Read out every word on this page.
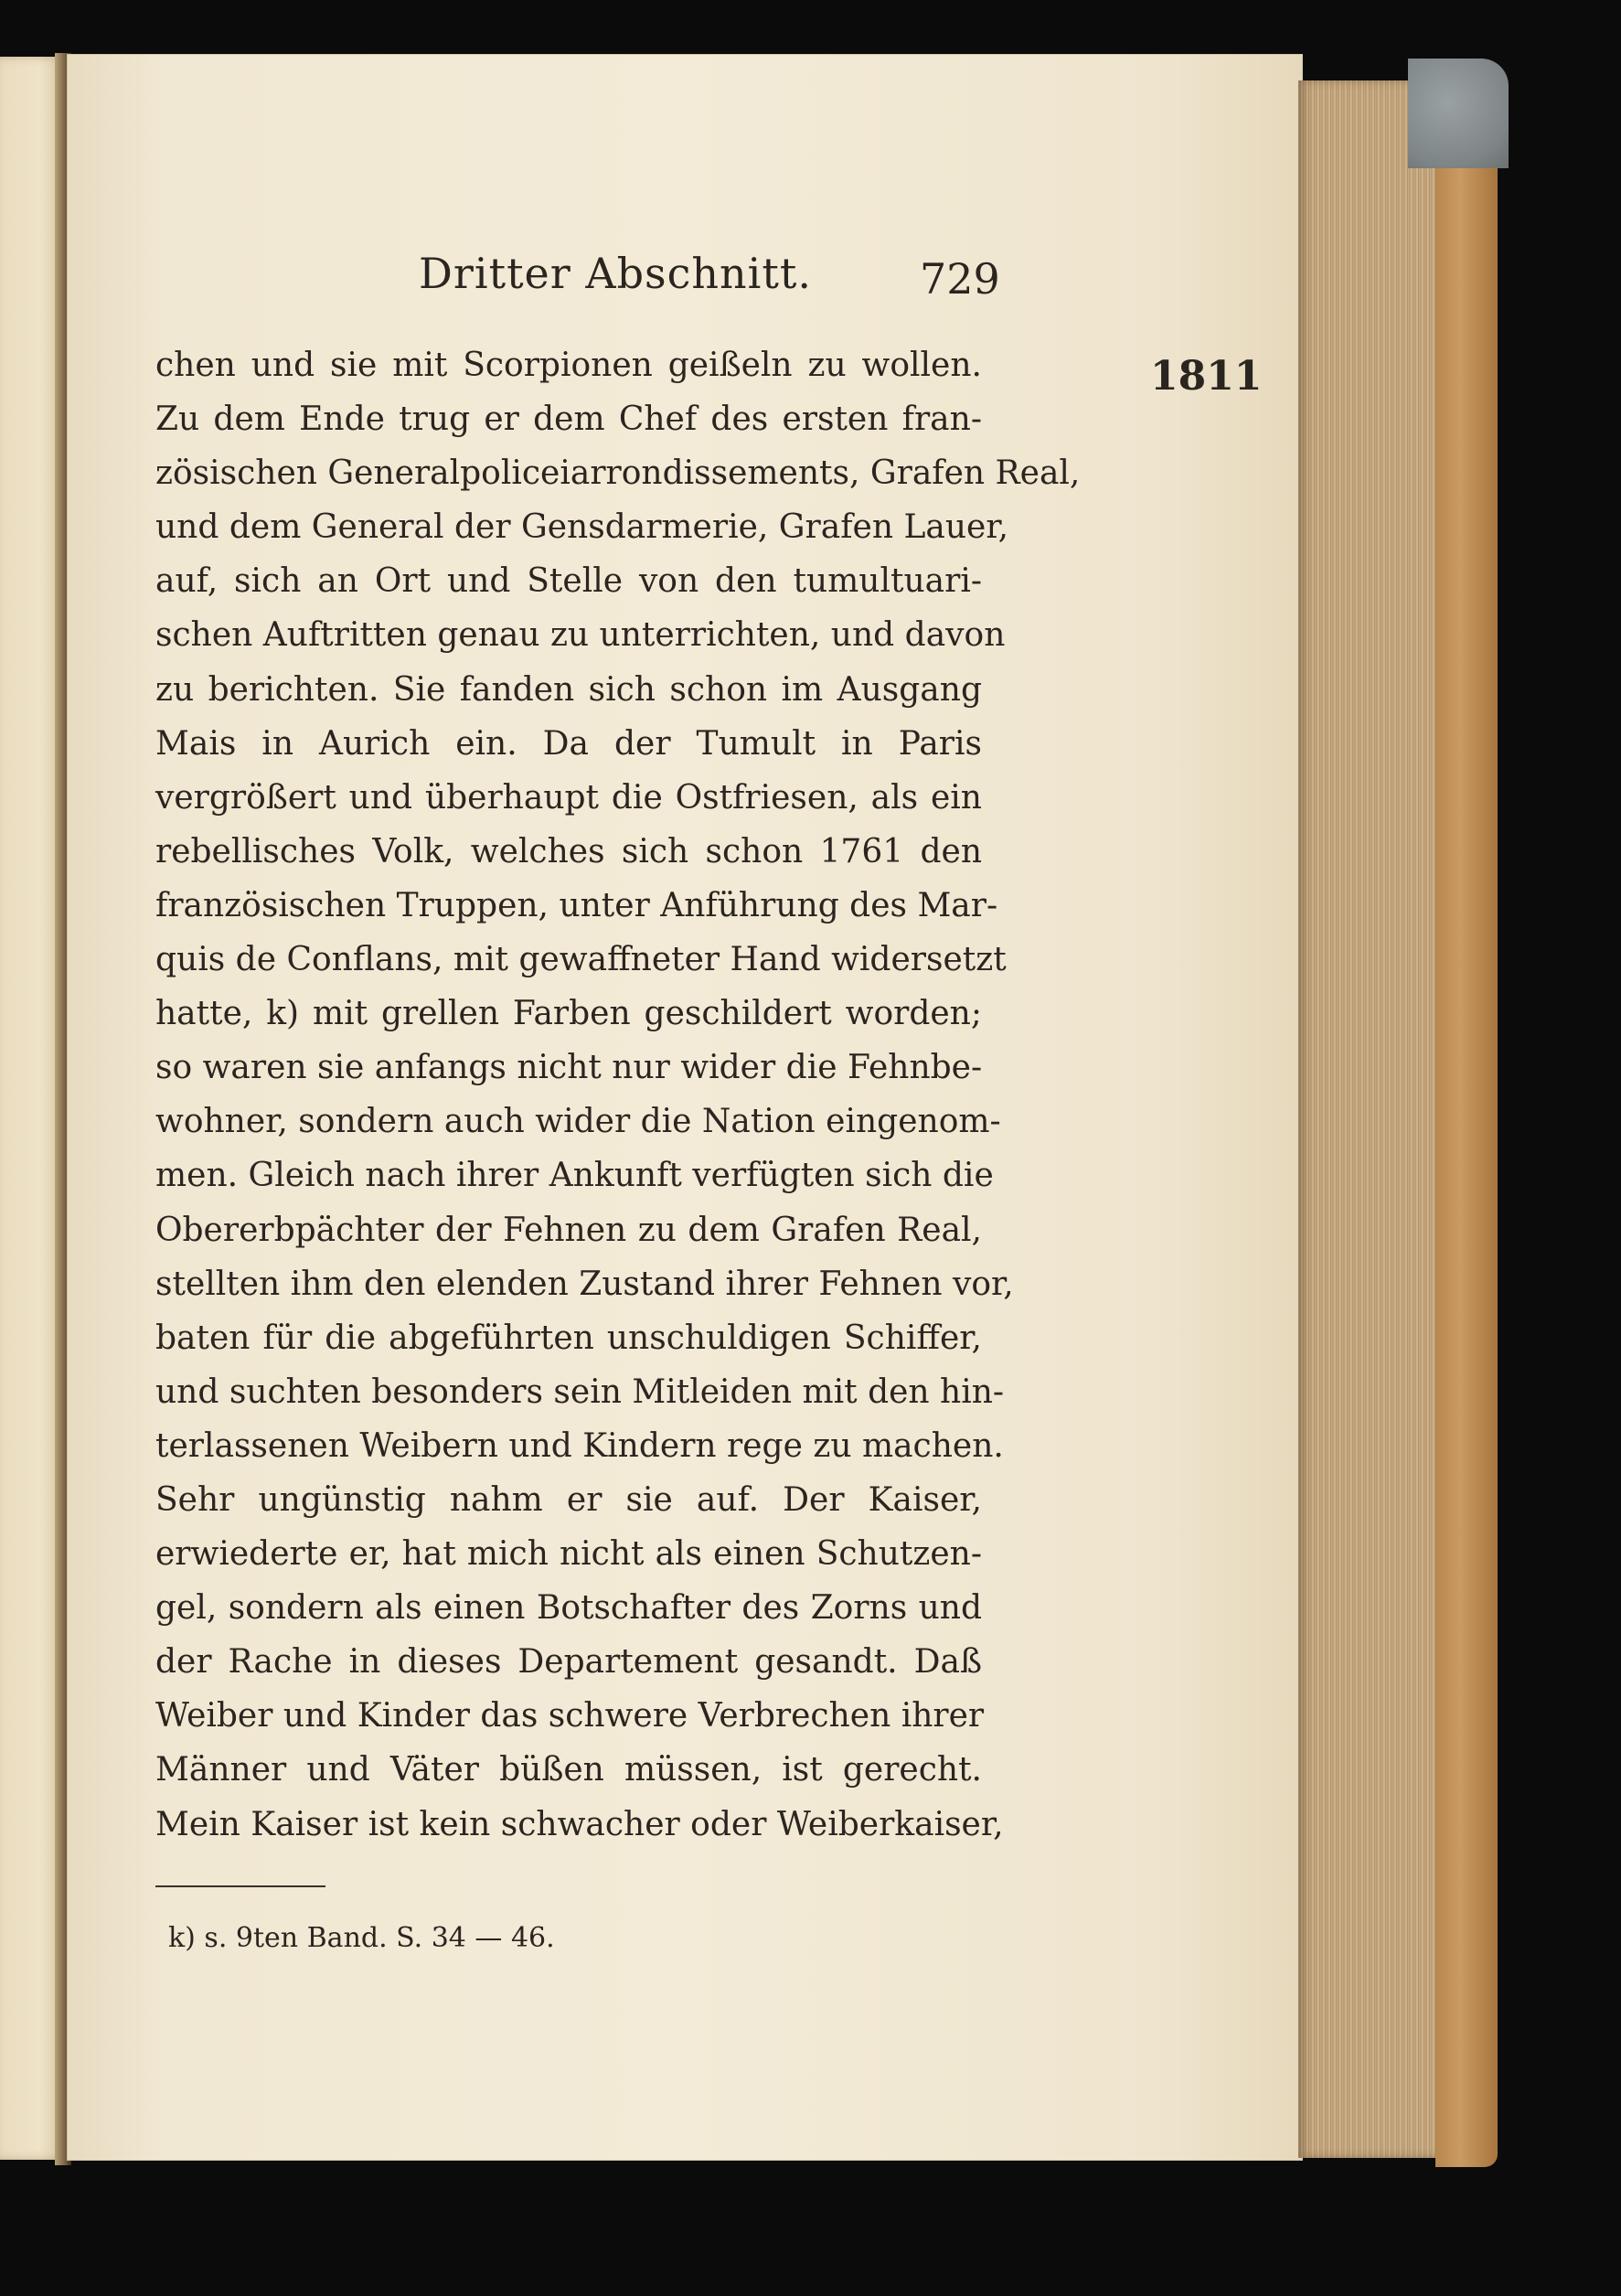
Dritter Abschnitt.	729
1811
chen und sie mit Scorpionen geißeln zu wollen.
Zu dem Ende trug er dem Chef des ersten fran-
zösischen Generalpoliceiarrondissements, Grafen Real,
und dem General der Gensdarmerie, Grafen Lauer,
auf, sich an Ort und Stelle von den tumultuari-
schen Auftritten genau zu unterrichten, und davon
zu berichten. Sie fanden sich schon im Ausgang
Mais in Aurich ein. Da der Tumult in Paris
vergrößert und überhaupt die Ostfriesen, als ein
rebellisches Volk, welches sich schon 1761 den
französischen Truppen, unter Anführung des Mar-
quis de Conflans, mit gewaffneter Hand widersetzt
hatte, k) mit grellen Farben geschildert worden;
so waren sie anfangs nicht nur wider die Fehnbe-
wohner, sondern auch wider die Nation eingenom-
men. Gleich nach ihrer Ankunft verfügten sich die
Obererbpächter der Fehnen zu dem Grafen Real,
stellten ihm den elenden Zustand ihrer Fehnen vor,
baten für die abgeführten unschuldigen Schiffer,
und suchten besonders sein Mitleiden mit den hin-
terlassenen Weibern und Kindern rege zu machen.
Sehr ungünstig nahm er sie auf. Der Kaiser,
erwiederte er, hat mich nicht als einen Schutzen-
gel, sondern als einen Botschafter des Zorns und
der Rache in dieses Departement gesandt. Daß
Weiber und Kinder das schwere Verbrechen ihrer
Männer und Väter büßen müssen, ist gerecht.
Mein Kaiser ist kein schwacher oder Weiberkaiser,
k) s. 9ten Band. S. 34 — 46.
